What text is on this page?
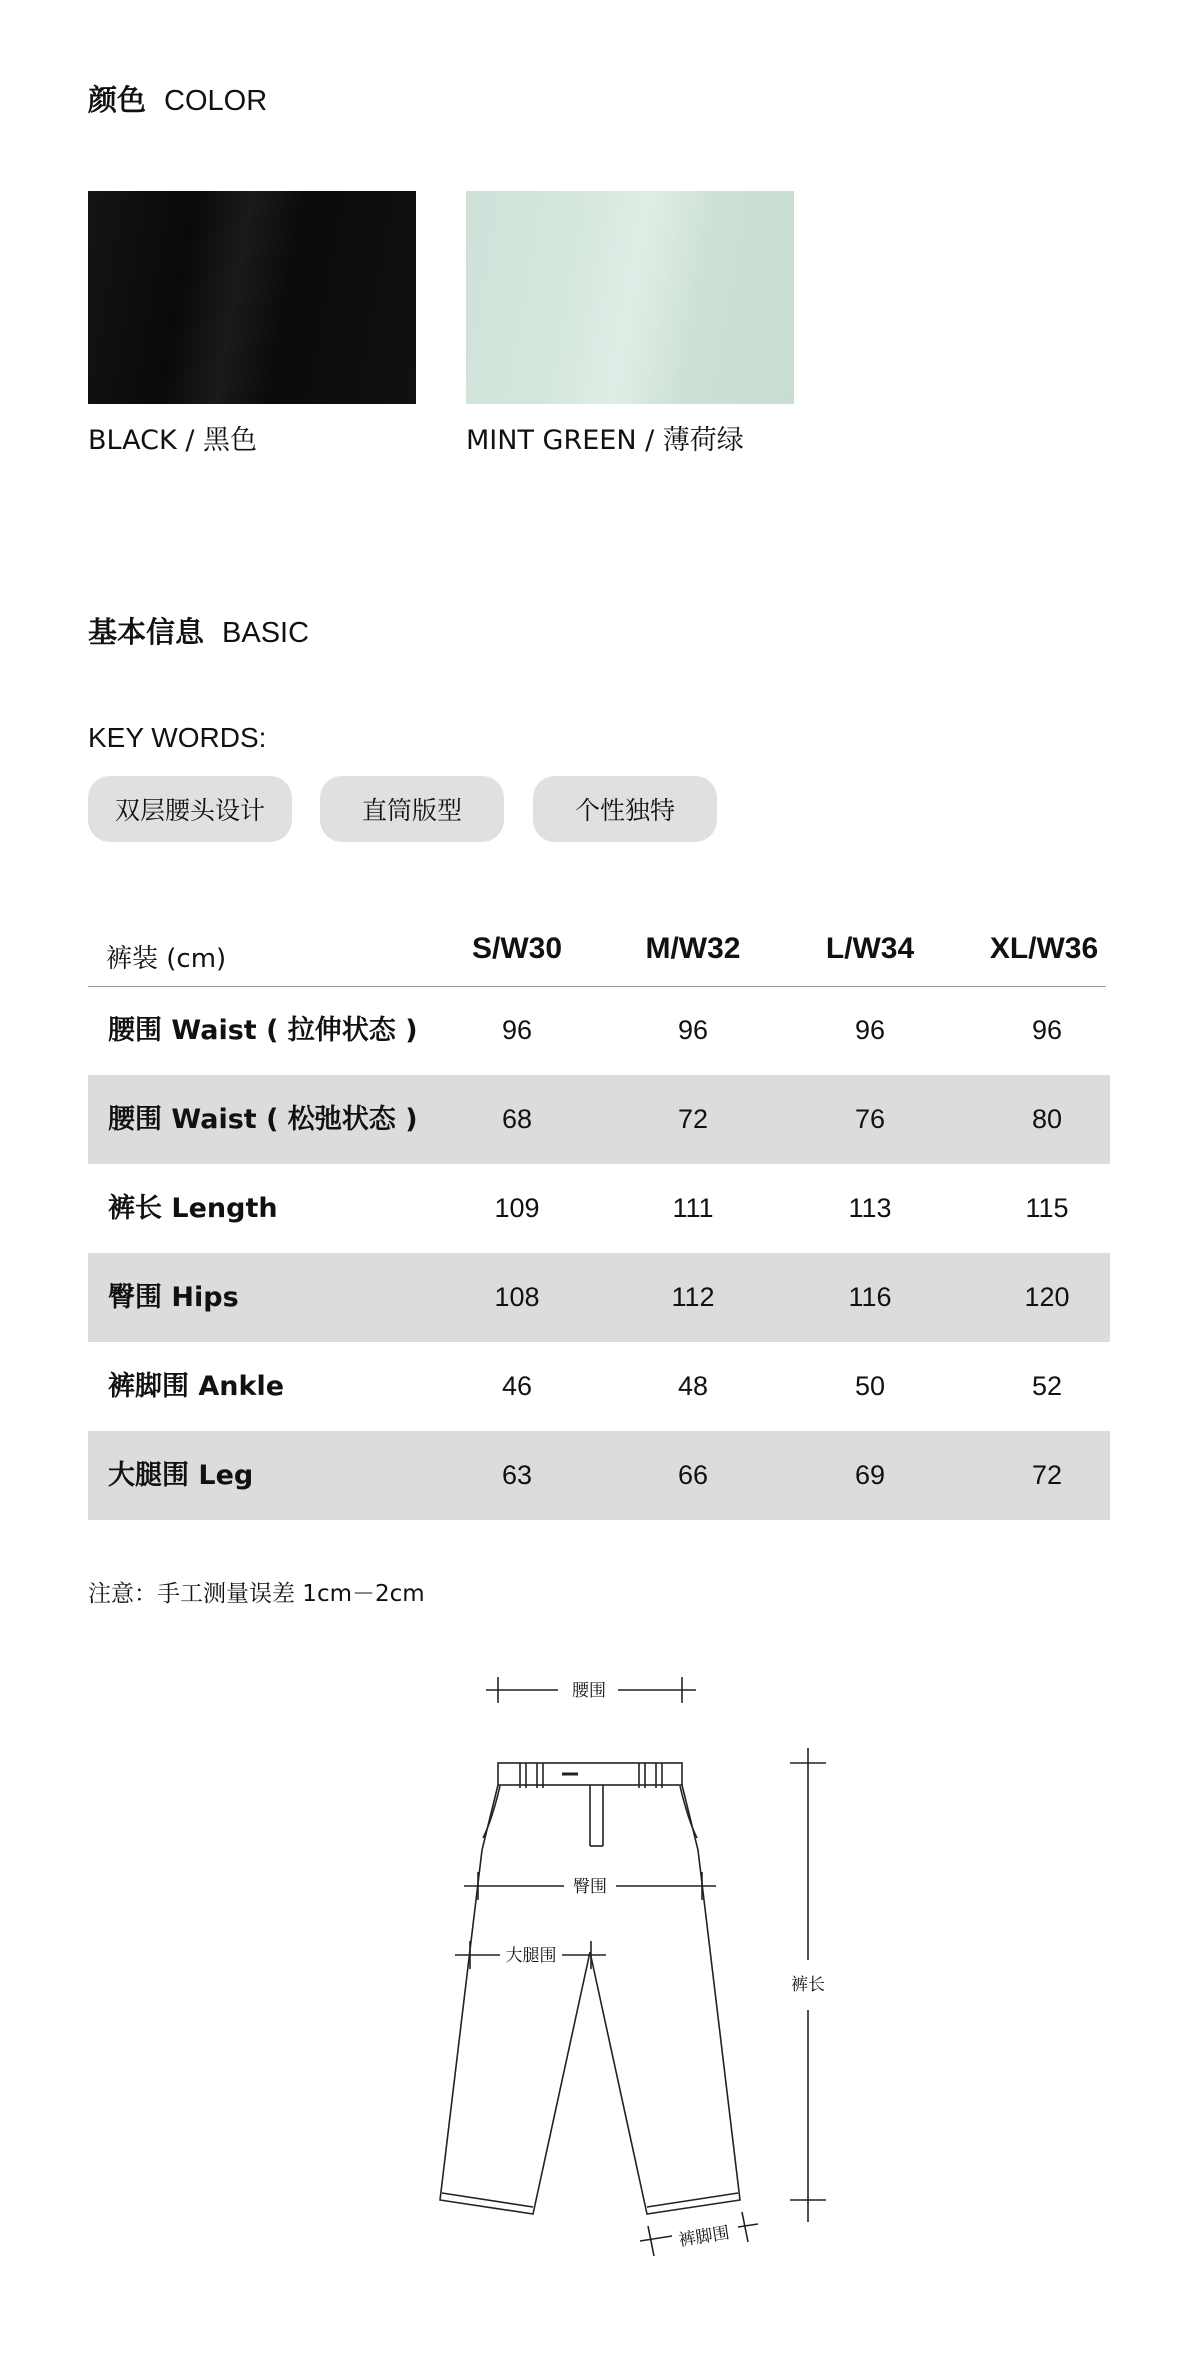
颜色 COLOR
BLACK / 黑色	MINT GREEN / 薄荷绿
基本信息 BASIC
KEY WORDS:
双层腰头设计	直筒版型	个性独特
裤装 (cm)	S/W30	M/W32	L/W34	XL/W36
腰围 Waist ( 拉伸状态 )	96	96	96	96
腰围 Waist ( 松弛状态 )	68	72	76	80
裤长 Length	109	111	113	115
臀围 Hips	108	112	116	120
裤脚围 Ankle	46	48	50	52
大腿围 Leg	63	66	69	72
注意：手工测量误差 1cm－2cm
腰围
臀围
大腿围
裤长
裤脚围
